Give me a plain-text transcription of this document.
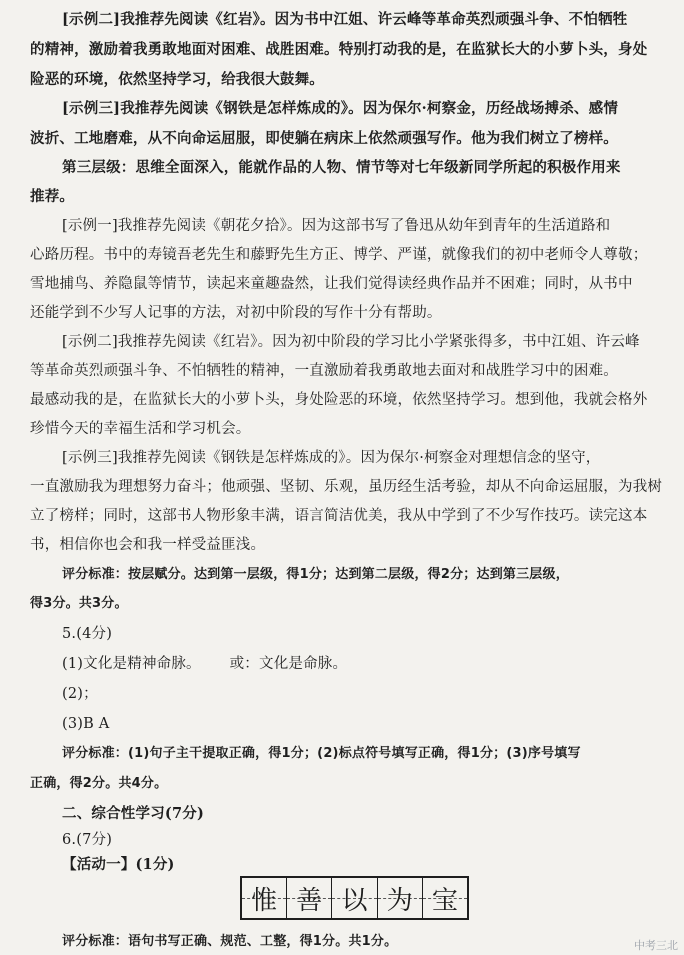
[示例二]我推荐先阅读《红岩》。因为书中江姐、许云峰等革命英烈顽强斗争、不怕牺牲
的精神，激励着我勇敢地面对困难、战胜困难。特别打动我的是，在监狱长大的小萝卜头，身处
险恶的环境，依然坚持学习，给我很大鼓舞。
[示例三]我推荐先阅读《钢铁是怎样炼成的》。因为保尔·柯察金，历经战场搏杀、感情
波折、工地磨难，从不向命运屈服，即使躺在病床上依然顽强写作。他为我们树立了榜样。
第三层级：思维全面深入，能就作品的人物、情节等对七年级新同学所起的积极作用来
推荐。
[示例一]我推荐先阅读《朝花夕拾》。因为这部书写了鲁迅从幼年到青年的生活道路和
心路历程。书中的寿镜吾老先生和藤野先生方正、博学、严谨，就像我们的初中老师令人尊敬；
雪地捕鸟、养隐鼠等情节，读起来童趣盎然，让我们觉得读经典作品并不困难；同时，从书中
还能学到不少写人记事的方法，对初中阶段的写作十分有帮助。
[示例二]我推荐先阅读《红岩》。因为初中阶段的学习比小学紧张得多，书中江姐、许云峰
等革命英烈顽强斗争、不怕牺牲的精神，一直激励着我勇敢地去面对和战胜学习中的困难。
最感动我的是，在监狱长大的小萝卜头，身处险恶的环境，依然坚持学习。想到他，我就会格外
珍惜今天的幸福生活和学习机会。
[示例三]我推荐先阅读《钢铁是怎样炼成的》。因为保尔·柯察金对理想信念的坚守，
一直激励我为理想努力奋斗；他顽强、坚韧、乐观，虽历经生活考验，却从不向命运屈服，为我树
立了榜样；同时，这部书人物形象丰满，语言简洁优美，我从中学到了不少写作技巧。读完这本
书，相信你也会和我一样受益匪浅。
评分标准：按层赋分。达到第一层级，得1分；达到第二层级，得2分；达到第三层级，
得3分。共3分。
5.(4分)
(1)文化是精神命脉。      或：文化是命脉。
(2)；
(3)B A
评分标准：(1)句子主干提取正确，得1分；(2)标点符号填写正确，得1分；(3)序号填写
正确，得2分。共4分。
二、综合性学习(7分)
6.(7分)
【活动一】(1分)
惟 善 以 为 宝
评分标准：语句书写正确、规范、工整，得1分。共1分。	中考三北
